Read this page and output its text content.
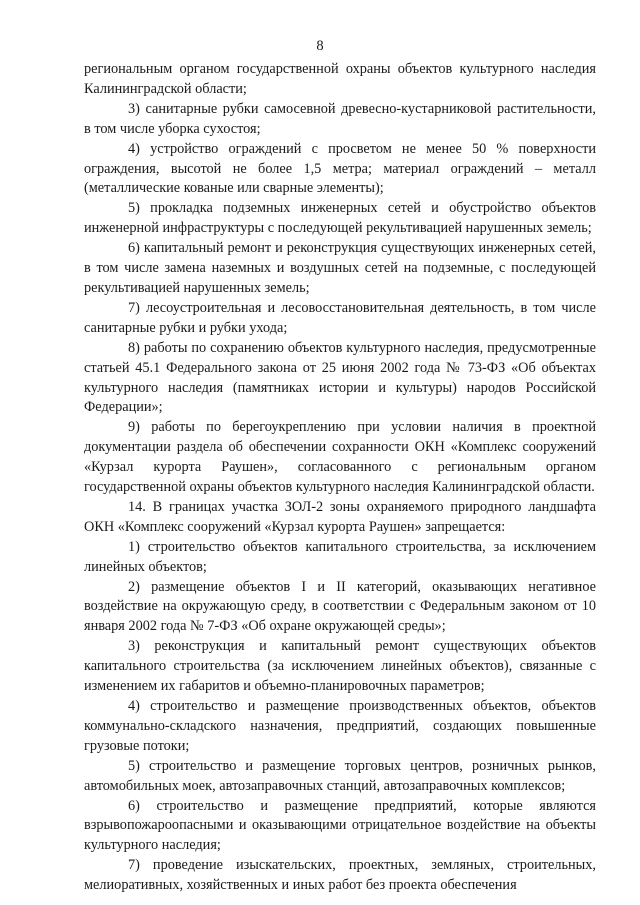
8

региональным органом государственной охраны объектов культурного наследия Калининградской области;

3) санитарные рубки самосевной древесно-кустарниковой растительности, в том числе уборка сухостоя;

4) устройство ограждений с просветом не менее 50 % поверхности ограждения, высотой не более 1,5 метра; материал ограждений – металл (металлические кованые или сварные элементы);

5) прокладка подземных инженерных сетей и обустройство объектов инженерной инфраструктуры с последующей рекультивацией нарушенных земель;

6) капитальный ремонт и реконструкция существующих инженерных сетей, в том числе замена наземных и воздушных сетей на подземные, с последующей рекультивацией нарушенных земель;

7) лесоустроительная и лесовосстановительная деятельность, в том числе санитарные рубки и рубки ухода;

8) работы по сохранению объектов культурного наследия, предусмотренные статьей 45.1 Федерального закона от 25 июня 2002 года № 73-ФЗ «Об объектах культурного наследия (памятниках истории и культуры) народов Российской Федерации»;

9) работы по берегоукреплению при условии наличия в проектной документации раздела об обеспечении сохранности ОКН «Комплекс сооружений «Курзал курорта Раушен», согласованного с региональным органом государственной охраны объектов культурного наследия Калининградской области.

14. В границах участка ЗОЛ-2 зоны охраняемого природного ландшафта ОКН «Комплекс сооружений «Курзал курорта Раушен» запрещается:

1) строительство объектов капитального строительства, за исключением линейных объектов;

2) размещение объектов I и II категорий, оказывающих негативное воздействие на окружающую среду, в соответствии с Федеральным законом от 10 января 2002 года № 7-ФЗ «Об охране окружающей среды»;

3) реконструкция и капитальный ремонт существующих объектов капитального строительства (за исключением линейных объектов), связанные с изменением их габаритов и объемно-планировочных параметров;

4) строительство и размещение производственных объектов, объектов коммунально-складского назначения, предприятий, создающих повышенные грузовые потоки;

5) строительство и размещение торговых центров, розничных рынков, автомобильных моек, автозаправочных станций, автозаправочных комплексов;

6) строительство и размещение предприятий, которые являются взрывопожароопасными и оказывающими отрицательное воздействие на объекты культурного наследия;

7) проведение изыскательских, проектных, земляных, строительных, мелиоративных, хозяйственных и иных работ без проекта обеспечения
